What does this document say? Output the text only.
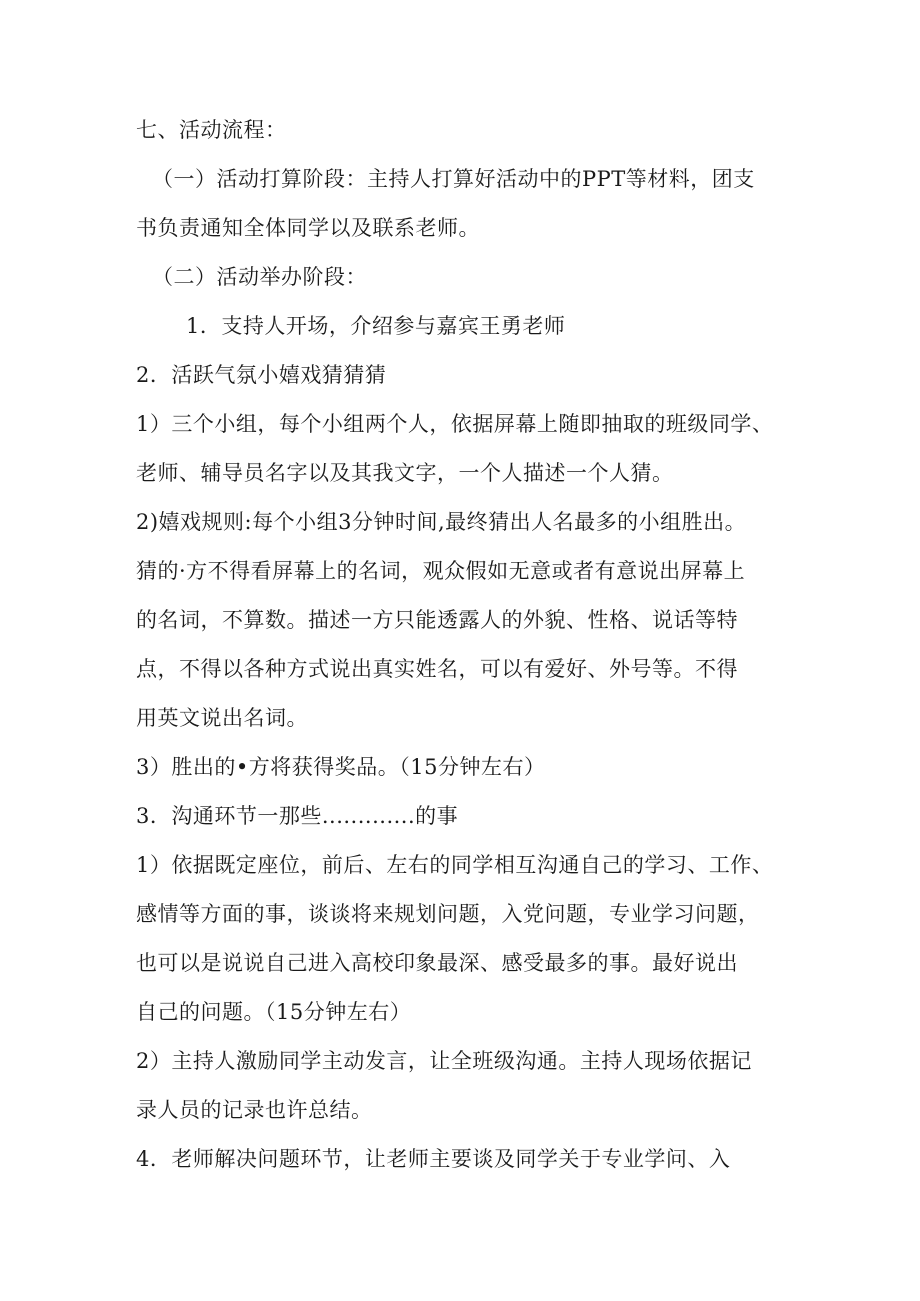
七、活动流程：
（一）活动打算阶段：主持人打算好活动中的PPT等材料，团支
书负责通知全体同学以及联系老师。
（二）活动举办阶段：
1．支持人开场，介绍参与嘉宾王勇老师
2．活跃气氛小嬉戏猜猜猜
1）三个小组，每个小组两个人，依据屏幕上随即抽取的班级同学、
老师、辅导员名字以及其我文字，一个人描述一个人猜。
2)嬉戏规则:每个小组3分钟时间,最终猜出人名最多的小组胜出。
猜的·方不得看屏幕上的名词，观众假如无意或者有意说出屏幕上
的名词，不算数。描述一方只能透露人的外貌、性格、说话等特
点，不得以各种方式说出真实姓名，可以有爱好、外号等。不得
用英文说出名词。
3）胜出的•方将获得奖品。（15分钟左右）
3．沟通环节一那些.............的事
1）依据既定座位，前后、左右的同学相互沟通自己的学习、工作、
感情等方面的事，谈谈将来规划问题，入党问题，专业学习问题，
也可以是说说自己进入高校印象最深、感受最多的事。最好说出
自己的问题。（15分钟左右）
2）主持人激励同学主动发言，让全班级沟通。主持人现场依据记
录人员的记录也许总结。
4．老师解决问题环节，让老师主要谈及同学关于专业学问、入
